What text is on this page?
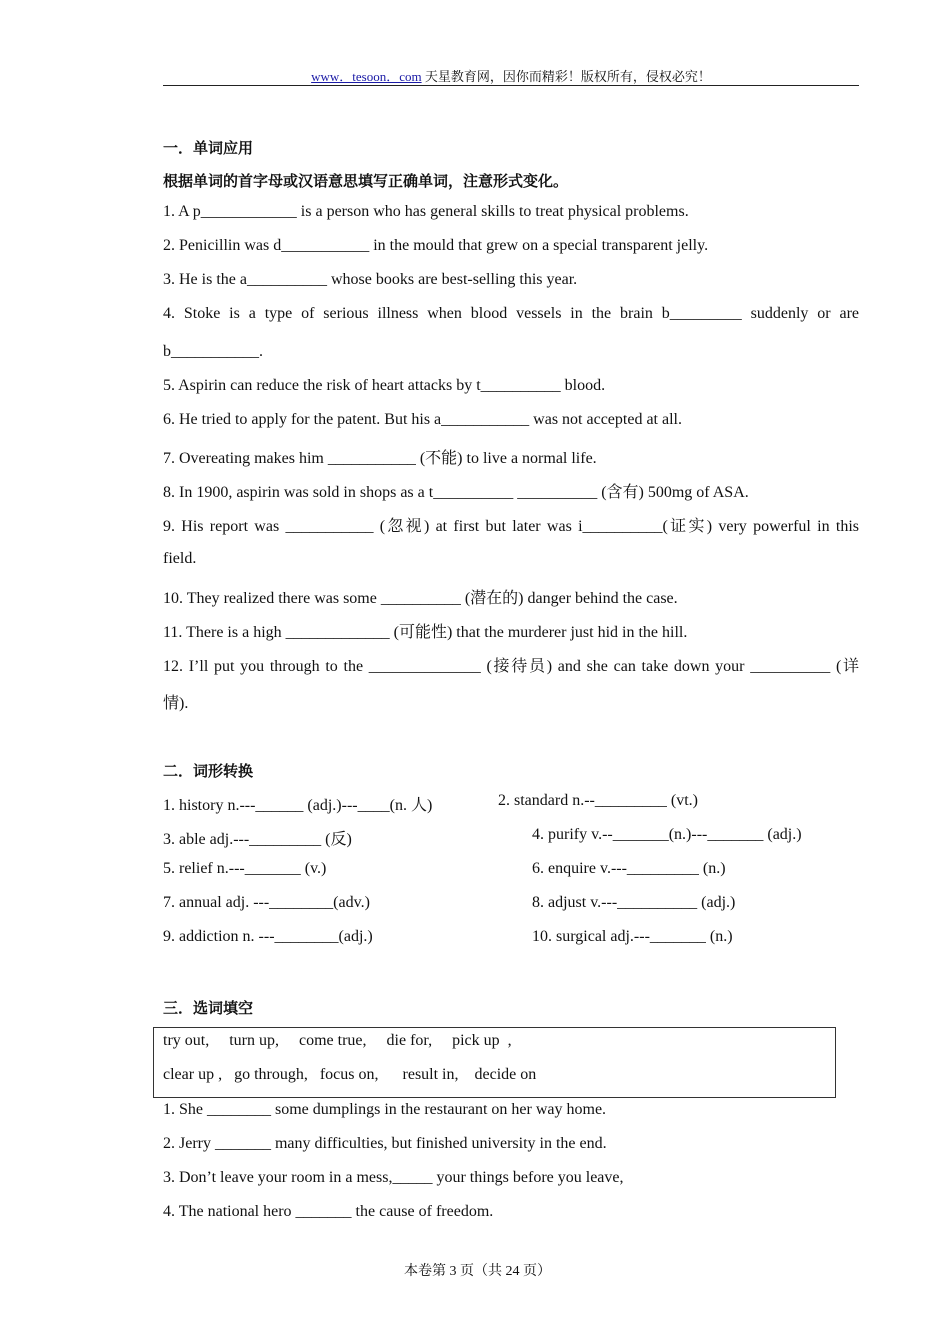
www．tesoon．com 天星教育网，因你而精彩！版权所有，侵权必究！
一．单词应用
根据单词的首字母或汉语意思填写正确单词，注意形式变化。
1. A p____________ is a person who has general skills to treat physical problems.
2. Penicillin was d___________ in the mould that grew on a special transparent jelly.
3. He is the a__________ whose books are best-selling this year.
4. Stoke is a type of serious illness when blood vessels in the brain b_________ suddenly or are
b___________.
5. Aspirin can reduce the risk of heart attacks by t__________ blood.
6. He tried to apply for the patent. But his a___________ was not accepted at all.
7. Overeating makes him ___________ (不能) to live a normal life.
8. In 1900, aspirin was sold in shops as a t__________ __________ (含有) 500mg of ASA.
9. His report was ___________ (忽视) at first but later was i__________(证实) very powerful in this
field.
10. They realized there was some __________ (潜在的) danger behind the case.
11. There is a high _____________ (可能性) that the murderer just hid in the hill.
12. I’ll put you through to the ______________ (接待员) and she can take down your __________ (详
情).
二．词形转换
1. history n.---______ (adj.)---____(n. 人)	2. standard n.--_________ (vt.)
3. able adj.---_________ (反)	4. purify v.--_______(n.)---_______ (adj.)
5. relief n.---_______ (v.)	6. enquire v.---_________ (n.)
7. annual adj. ---________(adv.)	8. adjust v.---__________ (adj.)
9. addiction n. ---________(adj.)	10. surgical adj.---_______ (n.)
三．选词填空
try out,     turn up,     come true,     die for,     pick up  ,
clear up ,   go through,   focus on,      result in,    decide on
1. She ________ some dumplings in the restaurant on her way home.
2. Jerry _______ many difficulties, but finished university in the end.
3. Don’t leave your room in a mess,_____ your things before you leave,
4. The national hero _______ the cause of freedom.
本卷第 3 页（共 24 页）
